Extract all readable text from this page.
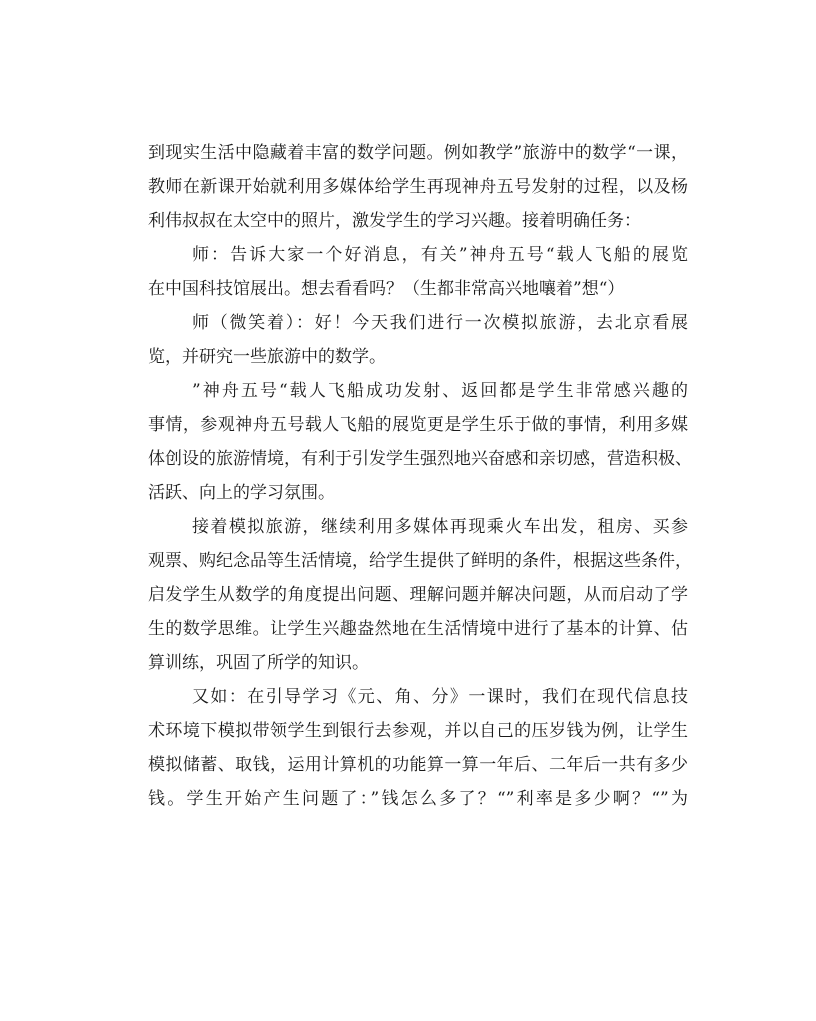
到现实生活中隐藏着丰富的数学问题。例如教学”旅游中的数学“一课，
教师在新课开始就利用多媒体给学生再现神舟五号发射的过程，以及杨
利伟叔叔在太空中的照片，激发学生的学习兴趣。接着明确任务：
师：告诉大家一个好消息，有关”神舟五号“载人飞船的展览
在中国科技馆展出。想去看看吗？（生都非常高兴地嚷着”想“）
师（微笑着）：好！今天我们进行一次模拟旅游，去北京看展
览，并研究一些旅游中的数学。
”神舟五号“载人飞船成功发射、返回都是学生非常感兴趣的
事情，参观神舟五号载人飞船的展览更是学生乐于做的事情，利用多媒
体创设的旅游情境，有利于引发学生强烈地兴奋感和亲切感，营造积极、
活跃、向上的学习氛围。
接着模拟旅游，继续利用多媒体再现乘火车出发，租房、买参
观票、购纪念品等生活情境，给学生提供了鲜明的条件，根据这些条件，
启发学生从数学的角度提出问题、理解问题并解决问题，从而启动了学
生的数学思维。让学生兴趣盎然地在生活情境中进行了基本的计算、估
算训练，巩固了所学的知识。
又如：在引导学习《元、角、分》一课时，我们在现代信息技
术环境下模拟带领学生到银行去参观，并以自己的压岁钱为例，让学生
模拟储蓄、取钱，运用计算机的功能算一算一年后、二年后一共有多少
钱。学生开始产生问题了：”钱怎么多了？“”利率是多少啊？“”为
